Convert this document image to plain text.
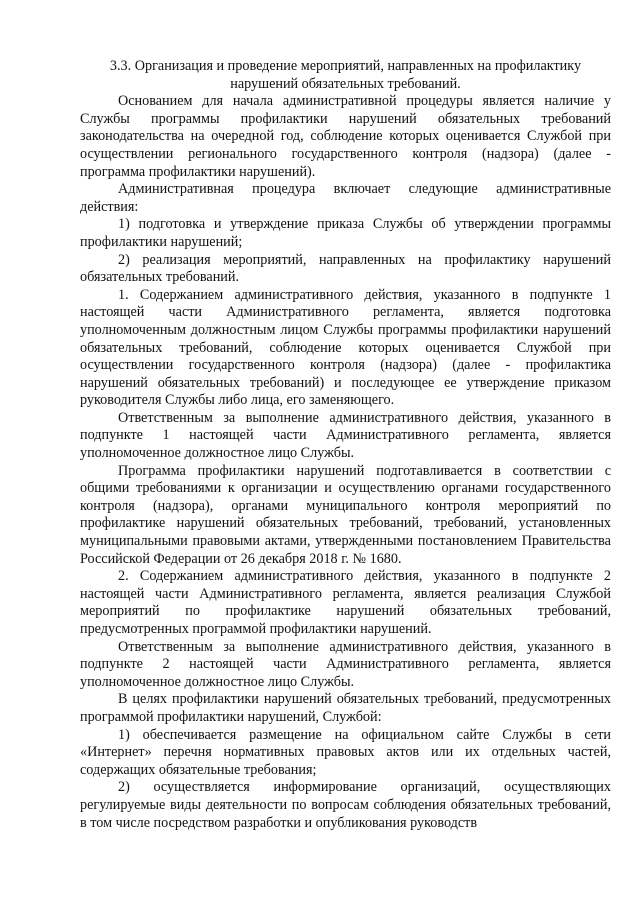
3.3. Организация и проведение мероприятий, направленных на профилактику нарушений обязательных требований.

Основанием для начала административной процедуры является наличие у Службы программы профилактики нарушений обязательных требований законодательства на очередной год, соблюдение которых оценивается Службой при осуществлении регионального государственного контроля (надзора) (далее - программа профилактики нарушений).

Административная процедура включает следующие административные действия:

1) подготовка и утверждение приказа Службы об утверждении программы профилактики нарушений;

2) реализация мероприятий, направленных на профилактику нарушений обязательных требований.

1. Содержанием административного действия, указанного в подпункте 1 настоящей части Административного регламента, является подготовка уполномоченным должностным лицом Службы программы профилактики нарушений обязательных требований, соблюдение которых оценивается Службой при осуществлении государственного контроля (надзора) (далее - профилактика нарушений обязательных требований) и последующее ее утверждение приказом руководителя Службы либо лица, его заменяющего.

Ответственным за выполнение административного действия, указанного в подпункте 1 настоящей части Административного регламента, является уполномоченное должностное лицо Службы.

Программа профилактики нарушений подготавливается в соответствии с общими требованиями к организации и осуществлению органами государственного контроля (надзора), органами муниципального контроля мероприятий по профилактике нарушений обязательных требований, требований, установленных муниципальными правовыми актами, утвержденными постановлением Правительства Российской Федерации от 26 декабря 2018 г. № 1680.

2. Содержанием административного действия, указанного в подпункте 2 настоящей части Административного регламента, является реализация Службой мероприятий по профилактике нарушений обязательных требований, предусмотренных программой профилактики нарушений.

Ответственным за выполнение административного действия, указанного в подпункте 2 настоящей части Административного регламента, является уполномоченное должностное лицо Службы.

В целях профилактики нарушений обязательных требований, предусмотренных программой профилактики нарушений, Службой:

1) обеспечивается размещение на официальном сайте Службы в сети «Интернет» перечня нормативных правовых актов или их отдельных частей, содержащих обязательные требования;

2) осуществляется информирование организаций, осуществляющих регулируемые виды деятельности по вопросам соблюдения обязательных требований, в том числе посредством разработки и опубликования руководств
